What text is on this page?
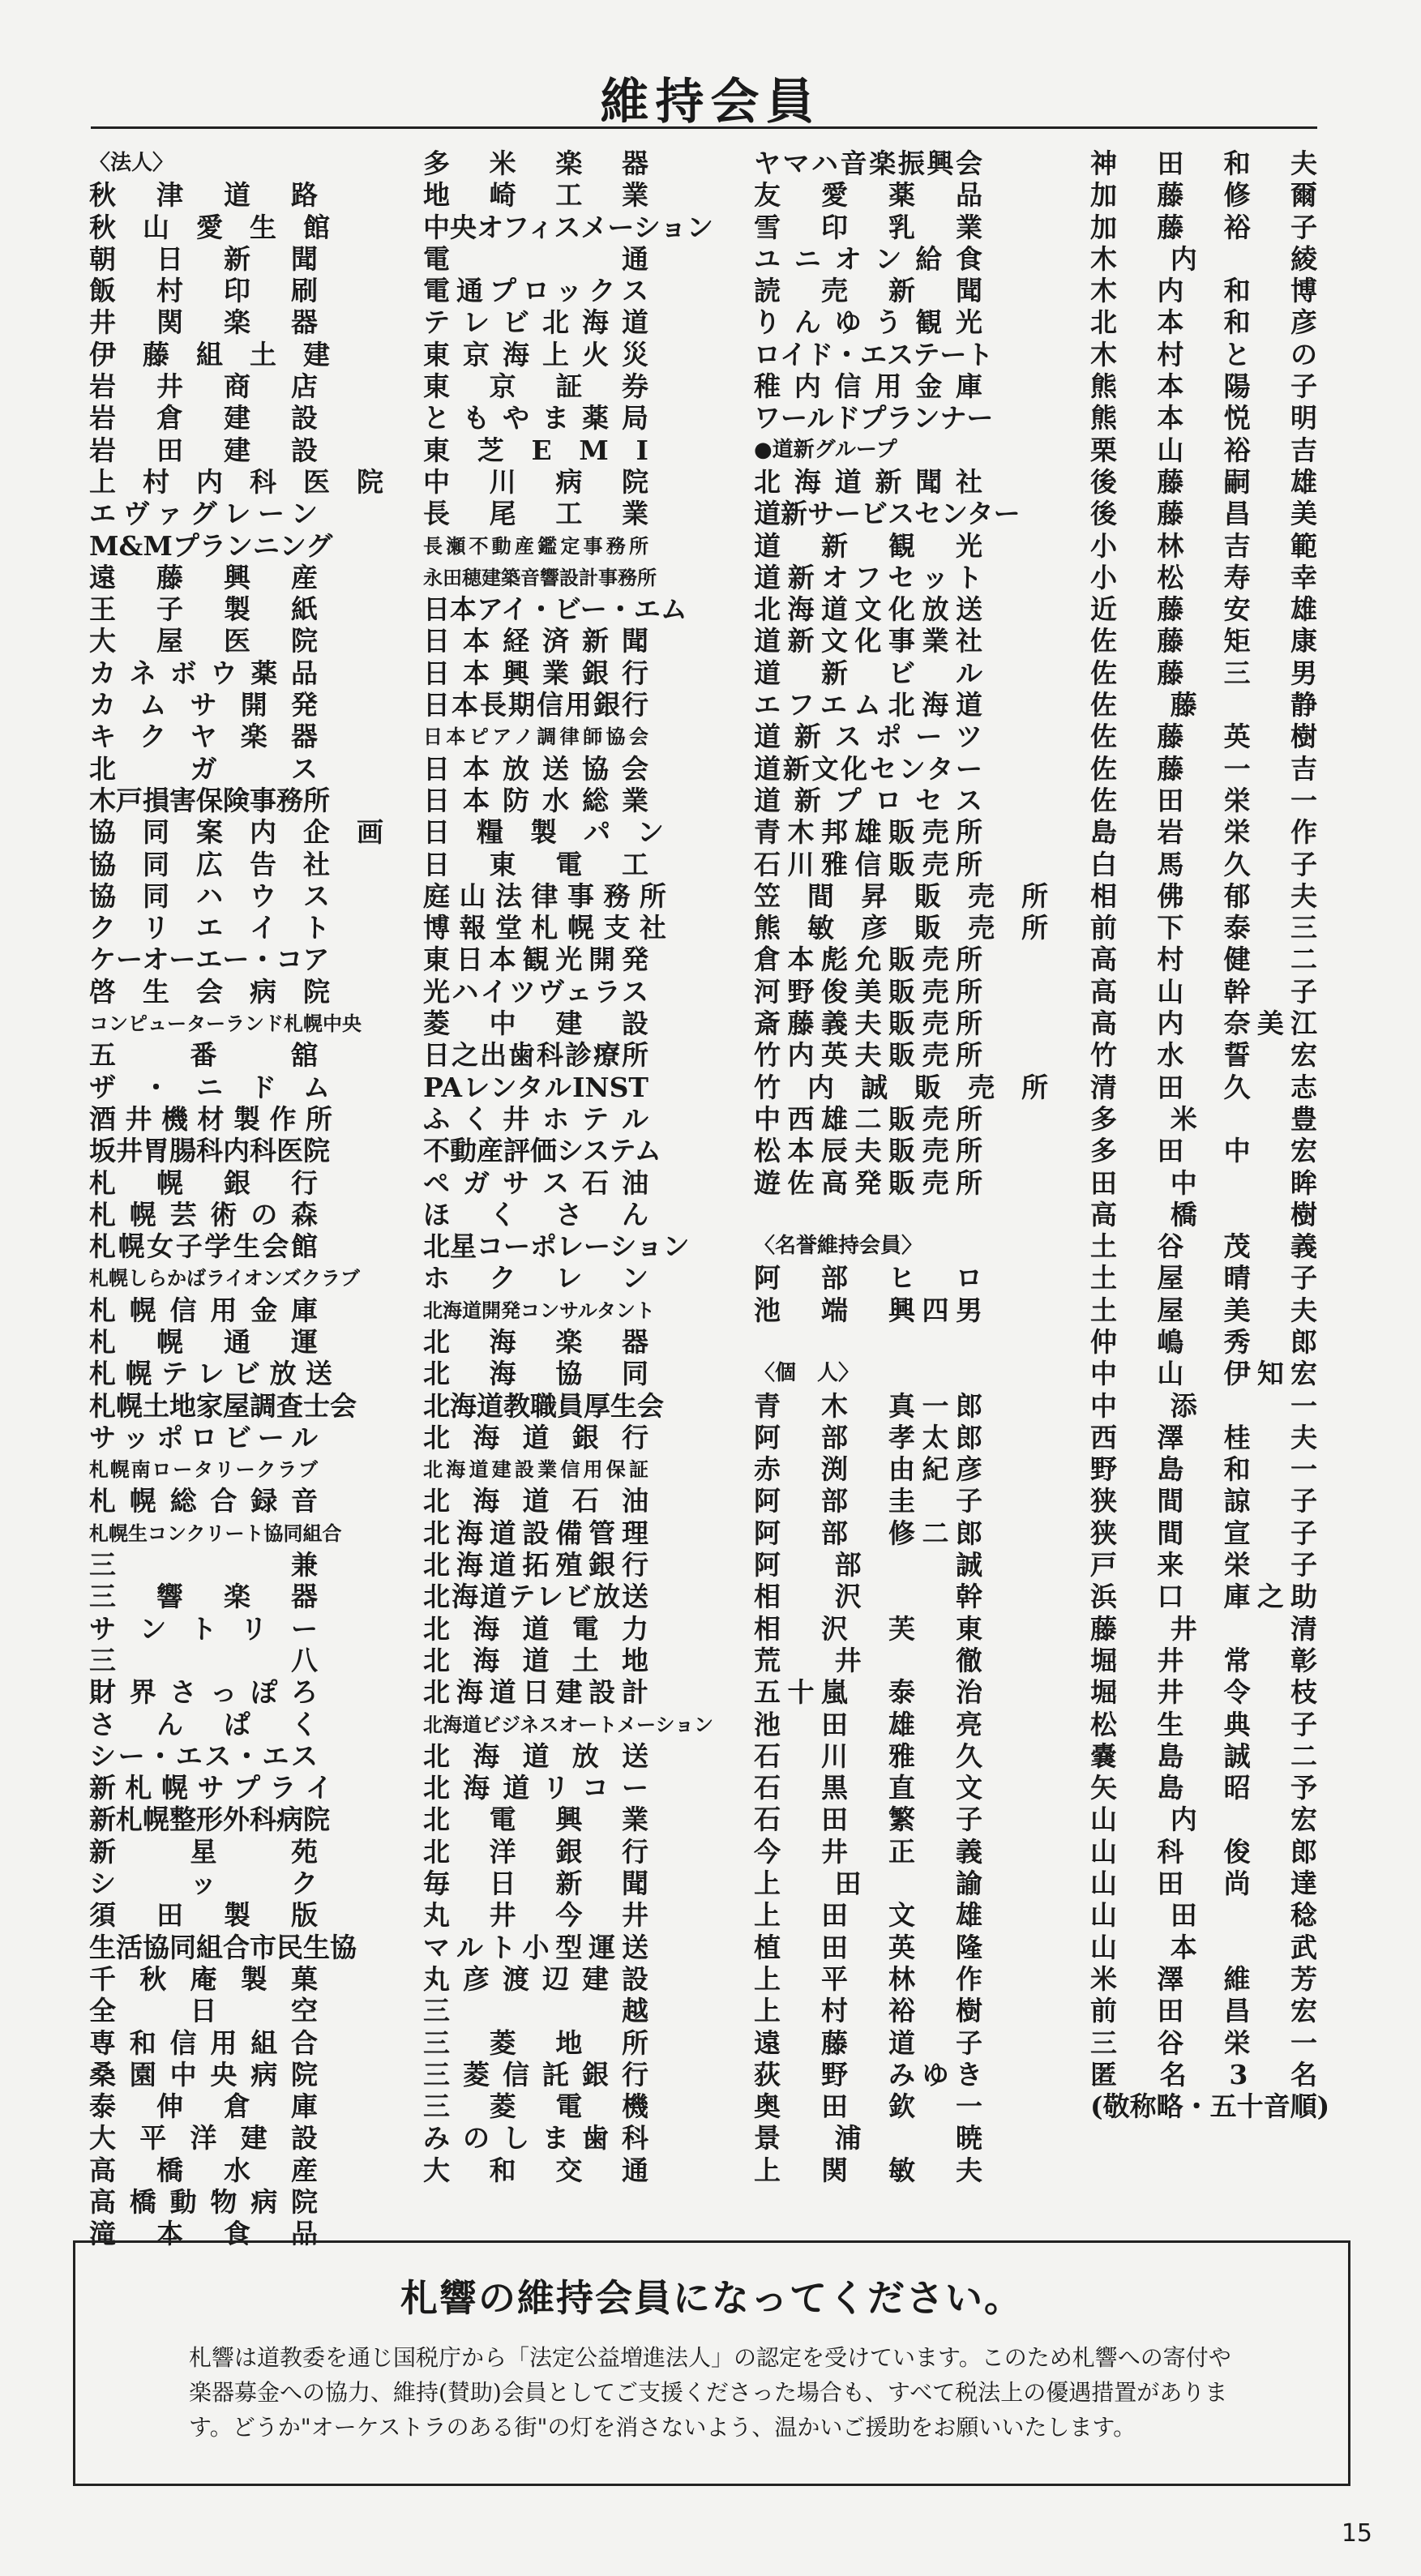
維持会員
〈法人〉
秋　津　道　路
秋　山　愛　生　館
朝　日　新　聞
飯　村　印　刷
井　関　楽　器
伊　藤　組　土　建
岩　井　商　店
岩　倉　建　設
岩　田　建　設
上　村　内　科　医　院
エヴァグレーン
M&Mプランニング
遠　藤　興　産
王　子　製　紙
大　屋　医　院
カ ネ ボ ウ 薬 品
カ ム サ 開 発
キ ク ヤ 楽 器
北　ガ　ス
木戸損害保険事務所
協　同　案　内　企　画
協　同　広　告　社
協　同　ハ　ウ　ス
ク　リ　エ　イ　ト
ケーオーエー・コア
啓　生　会　病　院
コンピューターランド札幌中央
五　番　舘
ザ　・　ニ　ド　ム
酒 井 機 材 製 作 所
坂井胃腸科内科医院
札　幌　銀　行
札 幌 芸 術 の 森
札幌女子学生会館
札幌しらかばライオンズクラブ
札 幌 信 用 金 庫
札　幌　通　運
札 幌 テ レ ビ 放 送
札幌土地家屋調査士会
サッポロビール
札幌南ロータリークラブ
札 幌 総 合 録 音
札幌生コンクリート協同組合
三　兼
三　響　楽　器
サ ン ト リ ー
三　八
財 界 さ っ ぽ ろ
さ　ん　ぱ　く
シー・エス・エス
新 札 幌 サ プ ラ イ
新札幌整形外科病院
新　星　苑
シ　ッ　ク
須　田　製　版
生活協同組合市民生協
千 秋 庵 製 菓
全　日　空
専 和 信 用 組 合
桑 園 中 央 病 院
泰　伸　倉　庫
大 平 洋 建 設
高　橋　水　産
高橋動物病院
滝　本　食　品
多　米　楽　器
地　崎　工　業
中央オフィスメーション
電　通
電通プロックス
テ レ ビ 北 海 道
東 京 海 上 火 災
東　京　証　券
と も や ま 薬 局
東　芝　E　M　I
中　川　病　院
長　尾　工　業
長瀬不動産鑑定事務所
永田穂建築音響設計事務所
日本アイ・ビー・エム
日 本 経 済 新 聞
日 本 興 業 銀 行
日本長期信用銀行
日本ピアノ調律師協会
日 本 放 送 協 会
日 本 防 水 総 業
日　糧　製　パ　ン
日　東　電　工
庭 山 法 律 事 務 所
博 報 堂 札 幌 支 社
東日本観光開発
光ハイツヴェラス
菱　中　建　設
日之出歯科診療所
PAレンタルINST
ふ く 井 ホ テ ル
不動産評価システム
ペ ガ サ ス 石 油
ほ　く　さ　ん
北星コーポレーション
ホ　ク　レ　ン
北海道開発コンサルタント
北　海　楽　器
北　海　協　同
北海道教職員厚生会
北 海 道 銀 行
北海道建設業信用保証
北 海 道 石 油
北海道設備管理
北海道拓殖銀行
北海道テレビ放送
北 海 道 電 力
北 海 道 土 地
北海道日建設計
北海道ビジネスオートメーション
北 海 道 放 送
北海道リコー
北　電　興　業
北　洋　銀　行
毎　日　新　聞
丸　井　今　井
マルト小型運送
丸 彦 渡 辺 建 設
三　越
三　菱　地　所
三 菱 信 託 銀 行
三　菱　電　機
み の し ま 歯 科
大　和　交　通
ヤマハ音楽振興会
友　愛　薬　品
雪　印　乳　業
ユ ニ オ ン 給 食
読　売　新　聞
りんゆう観光
ロイド・エステート
稚内信用金庫
ワールドプランナー
●道新グループ
北 海 道 新 聞 社
道新サービスセンター
道　新　観　光
道新オフセット
北海道文化放送
道新文化事業社
道　新　ビ　ル
エフエム北海道
道 新 ス ポ ー ツ
道新文化センター
道 新 プ ロ セ ス
青木邦雄販売所
石川雅信販売所
笠　間　昇　販　売　所
熊　敏　彦　販　売　所
倉本彪允販売所
河野俊美販売所
斎藤義夫販売所
竹内英夫販売所
竹　内　誠　販　売　所
中西雄二販売所
松本辰夫販売所
遊佐高発販売所
〈名誉維持会員〉
阿　部　ヒ　ロ
池　端　興四男
〈個　人〉
青　木　真一郎
阿　部　孝太郎
赤　渕　由紀彦
阿　部　圭　子
阿　部　修二郎
阿　部　　誠
相　沢　　幹
相　沢　芙　東
荒　井　　徹
五十嵐　泰　治
池　田　雄　亮
石　川　雅　久
石　黒　直　文
石　田　繁　子
今　井　正　義
上　田　　諭
上　田　文　雄
植　田　英　隆
上　平　林　作
上　村　裕　樹
遠　藤　道　子
荻　野　みゆき
奥　田　欽　一
景　浦　　暁
上　関　敏　夫
神　田　和　夫
加　藤　修　爾
加　藤　裕　子
木　内　　綾
木　内　和　博
北　本　和　彦
木　村　と　の
熊　本　陽　子
熊　本　悦　明
栗　山　裕　吉
後　藤　嗣　雄
後　藤　昌　美
小　林　吉　範
小　松　寿　幸
近　藤　安　雄
佐　藤　矩　康
佐　藤　三　男
佐　藤　　静
佐　藤　英　樹
佐　藤　一　吉
佐　田　栄　一
島　岩　栄　作
白　馬　久　子
相　佛　郁　夫
前　下　泰　三
高　村　健　二
高　山　幹　子
高　内　奈美江
竹　水　誓　宏
清　田　久　志
多　米　　豊
多　田　中　宏
田　中　　眸
高　橋　　樹
土　谷　茂　義
土　屋　晴　子
土　屋　美　夫
仲　嶋　秀　郎
中　山　伊知宏
中　添　　一
西　澤　桂　夫
野　島　和　一
狭　間　諒　子
狭　間　宣　子
戸　来　栄　子
浜　口　庫之助
藤　井　　清
堀　井　常　彰
堀　井　令　枝
松　生　典　子
嚢　島　誠　二
矢　島　昭　予
山　内　　宏
山　科　俊　郎
山　田　尚　達
山　田　　稔
山　本　　武
米　澤　維　芳
前　田　昌　宏
三　谷　栄　一
匿　名　3　名
(敬称略・五十音順)
札響の維持会員になってください。
札響は道教委を通じ国税庁から「法定公益増進法人」の認定を受けています。このため札響への寄付や楽器募金への協力、維持(賛助)会員としてご支援くださった場合も、すべて税法上の優遇措置があります。どうか"オーケストラのある街"の灯を消さないよう、温かいご援助をお願いいたします。
15
